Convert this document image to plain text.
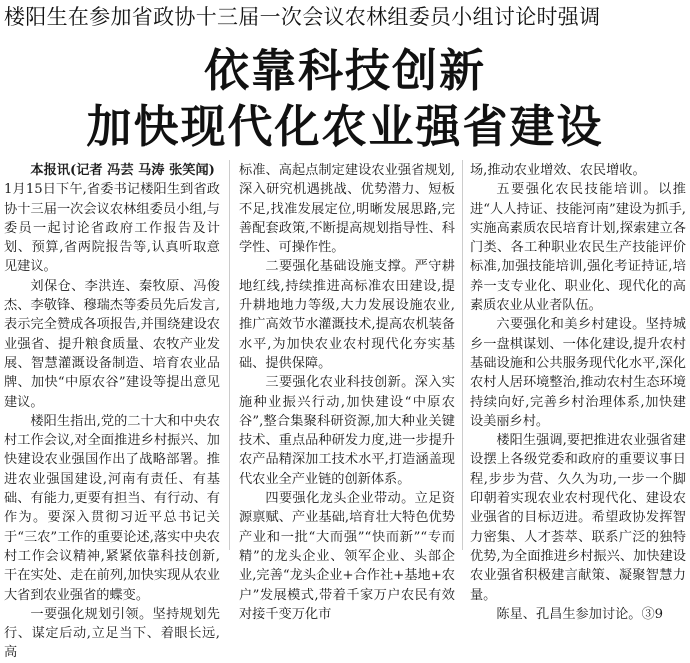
楼阳生在参加省政协十三届一次会议农林组委员小组讨论时强调
依靠科技创新
加快现代化农业强省建设
本报讯(记者 冯芸 马涛 张笑闻)

1月15日下午,省委书记楼阳生到省政协十三届一次会议农林组委员小组,与委员一起讨论省政府工作报告及计划、预算,省两院报告等,认真听取意见建议。

刘保仓、李洪连、秦牧原、冯俊杰、李敬锋、穆瑞杰等委员先后发言,表示完全赞成各项报告,并围绕建设农业强省、提升粮食质量、农牧产业发展、智慧灌溉设备制造、培育农业品牌、加快“中原农谷”建设等提出意见建议。

楼阳生指出,党的二十大和中央农村工作会议,对全面推进乡村振兴、加快建设农业强国作出了战略部署。推进农业强国建设,河南有责任、有基础、有能力,更要有担当、有行动、有作为。要深入贯彻习近平总书记关于“三农”工作的重要论述,落实中央农村工作会议精神,紧紧依靠科技创新,干在实处、走在前列,加快实现从农业大省到农业强省的蝶变。

一要强化规划引领。坚持规划先行、谋定后动,立足当下、着眼长远,高

标准、高起点制定建设农业强省规划,深入研究机遇挑战、优势潜力、短板不足,找准发展定位,明晰发展思路,完善配套政策,不断提高规划指导性、科学性、可操作性。

二要强化基础设施支撑。严守耕地红线,持续推进高标准农田建设,提升耕地地力等级,大力发展设施农业,推广高效节水灌溉技术,提高农机装备水平,为加快农业农村现代化夯实基础、提供保障。

三要强化农业科技创新。深入实施种业振兴行动,加快建设“中原农谷”,整合集聚科研资源,加大种业关键技术、重点品种研发力度,进一步提升农产品精深加工技术水平,打造涵盖现代农业全产业链的创新体系。

四要强化龙头企业带动。立足资源禀赋、产业基础,培育壮大特色优势产业和一批“大而强”“快而新”“专而精”的龙头企业、领军企业、头部企业,完善“龙头企业+合作社+基地+农户”发展模式,带着千家万户农民有效对接千变万化市

场,推动农业增效、农民增收。

五要强化农民技能培训。以推进“人人持证、技能河南”建设为抓手,实施高素质农民培育计划,探索建立各门类、各工种职业农民生产技能评价标准,加强技能培训,强化考证持证,培养一支专业化、职业化、现代化的高素质农业从业者队伍。

六要强化和美乡村建设。坚持城乡一盘棋谋划、一体化建设,提升农村基础设施和公共服务现代化水平,深化农村人居环境整治,推动农村生态环境持续向好,完善乡村治理体系,加快建设美丽乡村。

楼阳生强调,要把推进农业强省建设摆上各级党委和政府的重要议事日程,步步为营、久久为功,一步一个脚印朝着实现农业农村现代化、建设农业强省的目标迈进。希望政协发挥智力密集、人才荟萃、联系广泛的独特优势,为全面推进乡村振兴、加快建设农业强省积极建言献策、凝聚智慧力量。

陈星、孔昌生参加讨论。③9
